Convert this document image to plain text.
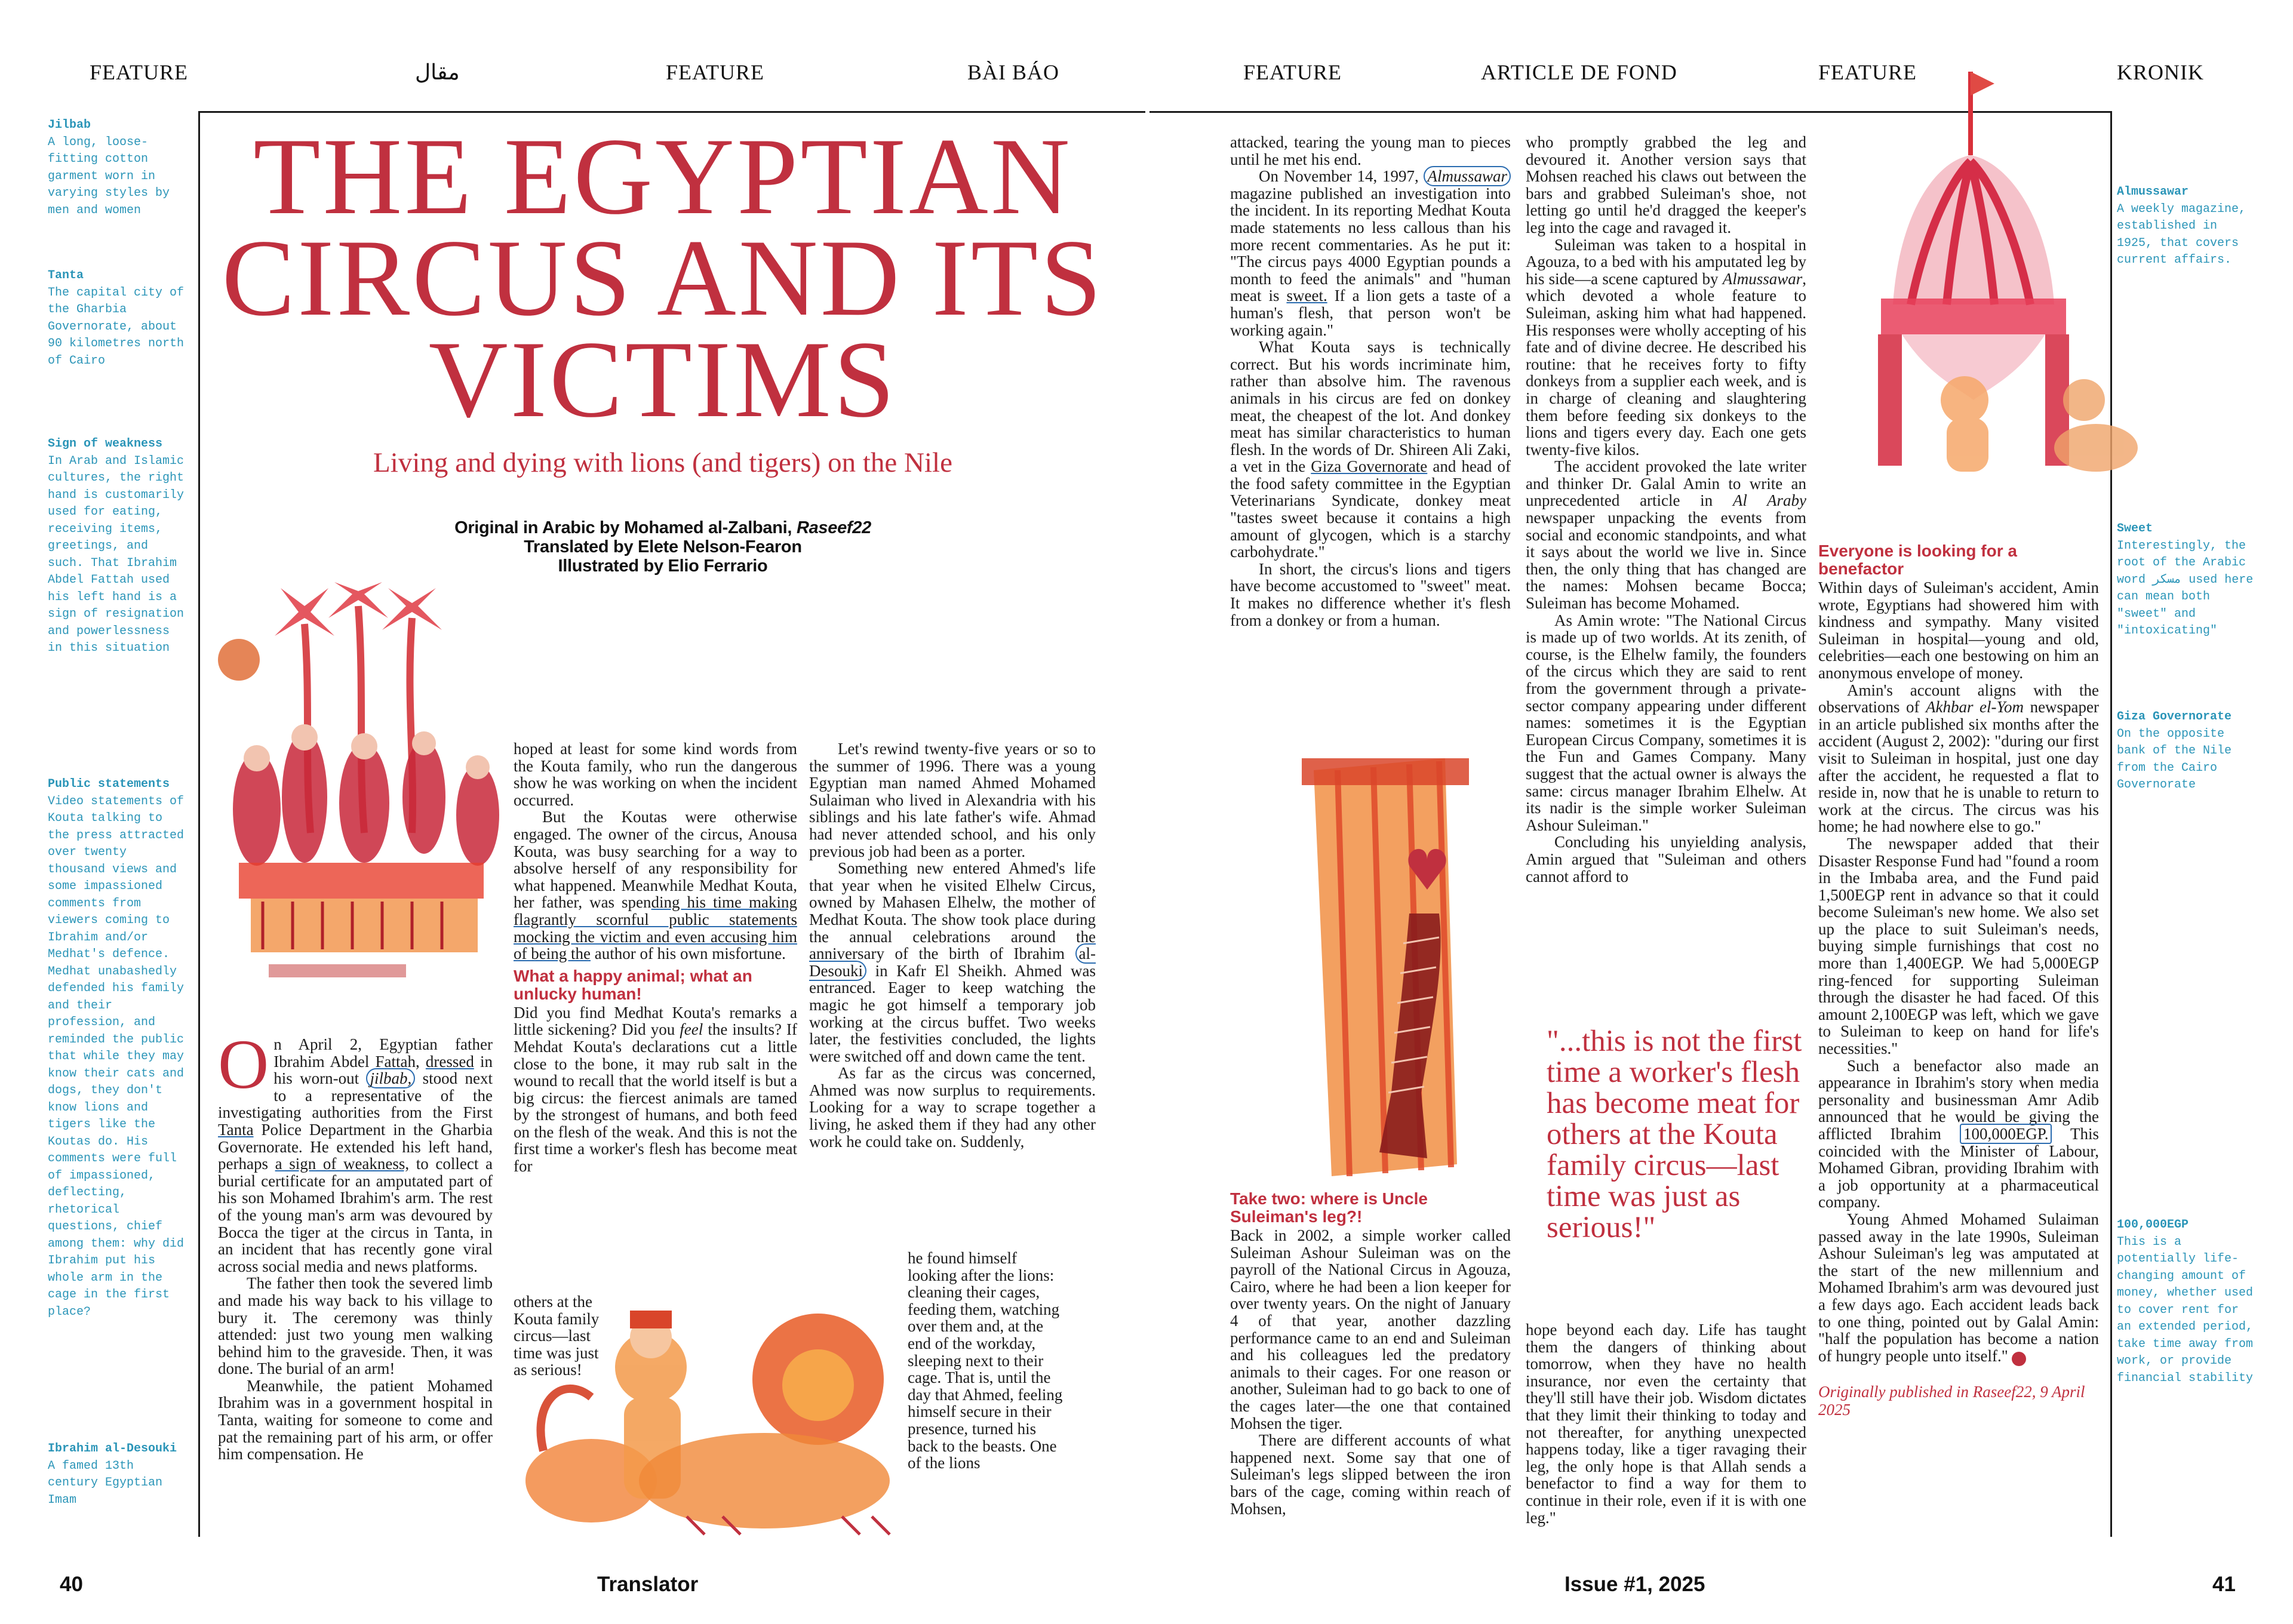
FEATURE	مقال	FEATURE	BÀI BÁO	FEATURE	ARTICLE DE FOND	FEATURE	KRONIK
Jilbab
A long, loose-fitting cotton garment worn in varying styles by men and women
Tanta
The capital city of the Gharbia Governorate, about 90 kilometres north of Cairo
Sign of weakness
In Arab and Islamic cultures, the right hand is customarily used for eating, receiving items, greetings, and such. That Ibrahim Abdel Fattah used his left hand is a sign of resignation and powerlessness in this situation
Public statements
Video statements of Kouta talking to the press attracted over twenty thousand views and some impassioned comments from viewers coming to Ibrahim and/or Medhat's defence. Medhat unabashedly defended his family and their profession, and reminded the public that while they may know their cats and dogs, they don't know lions and tigers like the Koutas do. His comments were full of impassioned, deflecting, rhetorical questions, chief among them: why did Ibrahim put his whole arm in the cage in the first place?
Ibrahim al-Desouki
A famed 13th century Egyptian Imam
Almussawar
A weekly magazine, established in 1925, that covers current affairs.
Sweet
Interestingly, the root of the Arabic word مسكر used here can mean both "sweet" and "intoxicating"
Giza Governorate
On the opposite bank of the Nile from the Cairo Governorate
100,000EGP
This is a potentially life-changing amount of money, whether used to cover rent for an extended period, take time away from work, or provide financial stability
THE EGYPTIAN CIRCUS AND ITS VICTIMS
Living and dying with lions (and tigers) on the Nile
Original in Arabic by Mohamed al-Zalbani, Raseef22
Translated by Elete Nelson-Fearon
Illustrated by Elio Ferrario

On April 2, Egyptian father Ibrahim Abdel Fattah, dressed in his worn-out jilbab, stood next to a representative of the investigating authorities from the First Tanta Police Department in the Gharbia Governorate. He extended his left hand, perhaps a sign of weakness, to collect a burial certificate for an amputated part of his son Mohamed Ibrahim's arm. The rest of the young man's arm was devoured by Bocca the tiger at the circus in Tanta, in an incident that has recently gone viral across social media and news platforms.

The father then took the severed limb and made his way back to his village to bury it. The ceremony was thinly attended: just two young men walking behind him to the graveside. Then, it was done. The burial of an arm!

Meanwhile, the patient Mohamed Ibrahim was in a government hospital in Tanta, waiting for someone to come and pat the remaining part of his arm, or offer him compensation. He

hoped at least for some kind words from the Kouta family, who run the dangerous show he was working on when the incident occurred.

But the Koutas were otherwise engaged. The owner of the circus, Anousa Kouta, was busy searching for a way to absolve herself of any responsibility for what happened. Meanwhile Medhat Kouta, her father, was spending his time making flagrantly scornful public statements mocking the victim and even accusing him of being the author of his own misfortune.

What a happy animal; what an unlucky human!

Did you find Medhat Kouta's remarks a little sickening? Did you feel the insults? If Mehdat Kouta's declarations cut a little close to the bone, it may rub salt in the wound to recall that the world itself is but a big circus: the fiercest animals are tamed by the strongest of humans, and both feed on the flesh of the weak. And this is not the first time a worker's flesh has become meat for

others at the Kouta family circus—last time was just as serious!

Let's rewind twenty-five years or so to the summer of 1996. There was a young Egyptian man named Ahmed Mohamed Sulaiman who lived in Alexandria with his siblings and his late father's wife. Ahmad had never attended school, and his only previous job had been as a porter.

Something new entered Ahmed's life that year when he visited Elhelw Circus, owned by Mahasen Elhelw, the mother of Medhat Kouta. The show took place during the annual celebrations around the anniversary of the birth of Ibrahim al-Desouki in Kafr El Sheikh. Ahmed was entranced. Eager to keep watching the magic he got himself a temporary job working at the circus buffet. Two weeks later, the festivities concluded, the lights were switched off and down came the tent.

As far as the circus was concerned, Ahmed was now surplus to requirements. Looking for a way to scrape together a living, he asked them if they had any other work he could take on. Suddenly,

he found himself looking after the lions: cleaning their cages, feeding them, watching over them and, at the end of the workday, sleeping next to their cage. That is, until the day that Ahmed, feeling himself secure in their presence, turned his back to the beasts. One of the lions

attacked, tearing the young man to pieces until he met his end.

On November 14, 1997, Almussawar magazine published an investigation into the incident. In its reporting Medhat Kouta made statements no less callous than his more recent commentaries. As he put it: "The circus pays 4000 Egyptian pounds a month to feed the animals" and "human meat is sweet. If a lion gets a taste of a human's flesh, that person won't be working again."

What Kouta says is technically correct. But his words incriminate him, rather than absolve him. The ravenous animals in his circus are fed on donkey meat, the cheapest of the lot. And donkey meat has similar characteristics to human flesh. In the words of Dr. Shireen Ali Zaki, a vet in the Giza Governorate and head of the food safety committee in the Egyptian Veterinarians Syndicate, donkey meat "tastes sweet because it contains a high amount of glycogen, which is a starchy carbohydrate."

In short, the circus's lions and tigers have become accustomed to "sweet" meat. It makes no difference whether it's flesh from a donkey or from a human.

Take two: where is Uncle Suleiman's leg?!

Back in 2002, a simple worker called Suleiman Ashour Suleiman was on the payroll of the National Circus in Agouza, Cairo, where he had been a lion keeper for over twenty years. On the night of January 4 of that year, another dazzling performance came to an end and Suleiman and his colleagues led the predatory animals to their cages. For one reason or another, Suleiman had to go back to one of the cages later—the one that contained Mohsen the tiger.

There are different accounts of what happened next. Some say that one of Suleiman's legs slipped between the iron bars of the cage, coming within reach of Mohsen,

who promptly grabbed the leg and devoured it. Another version says that Mohsen reached his claws out between the bars and grabbed Suleiman's shoe, not letting go until he'd dragged the keeper's leg into the cage and ravaged it.

Suleiman was taken to a hospital in Agouza, to a bed with his amputated leg by his side—a scene captured by Almussawar, which devoted a whole feature to Suleiman, asking him what had happened. His responses were wholly accepting of his fate and of divine decree. He described his routine: that he receives forty to fifty donkeys from a supplier each week, and is in charge of cleaning and slaughtering them before feeding six donkeys to the lions and tigers every day. Each one gets twenty-five kilos.

The accident provoked the late writer and thinker Dr. Galal Amin to write an unprecedented article in Al Araby newspaper unpacking the events from social and economic standpoints, and what it says about the world we live in. Since then, the only thing that has changed are the names: Mohsen became Bocca; Suleiman has become Mohamed.

As Amin wrote: "The National Circus is made up of two worlds. At its zenith, of course, is the Elhelw family, the founders of the circus which they are said to rent from the government through a private-sector company appearing under different names: sometimes it is the Egyptian European Circus Company, sometimes it is the Fun and Games Company. Many suggest that the actual owner is always the same: circus manager Ibrahim Elhelw. At its nadir is the simple worker Suleiman Ashour Suleiman."

Concluding his unyielding analysis, Amin argued that "Suleiman and others cannot afford to

"...this is not the first time a worker's flesh has become meat for others at the Kouta family circus—last time was just as serious!"

hope beyond each day. Life has taught them the dangers of thinking about tomorrow, when they have no health insurance, nor even the certainty that they'll still have their job. Wisdom dictates that they limit their thinking to today and not thereafter, for anything unexpected happens today, like a tiger ravaging their leg, the only hope is that Allah sends a benefactor to find a way for them to continue in their role, even if it is with one leg."

Everyone is looking for a benefactor

Within days of Suleiman's accident, Amin wrote, Egyptians had showered him with kindness and sympathy. Many visited Suleiman in hospital—young and old, celebrities—each one bestowing on him an anonymous envelope of money.

Amin's account aligns with the observations of Akhbar el-Yom newspaper in an article published six months after the accident (August 2, 2002): "during our first visit to Suleiman in hospital, just one day after the accident, he requested a flat to reside in, now that he is unable to return to work at the circus. The circus was his home; he had nowhere else to go."

The newspaper added that their Disaster Response Fund had "found a room in the Imbaba area, and the Fund paid 1,500EGP rent in advance so that it could become Suleiman's new home. We also set up the place to suit Suleiman's needs, buying simple furnishings that cost no more than 1,400EGP. We had 5,000EGP ring-fenced for supporting Suleiman through the disaster he had faced. Of this amount 2,100EGP was left, which we gave to Suleiman to keep on hand for life's necessities."

Such a benefactor also made an appearance in Ibrahim's story when media personality and businessman Amr Adib announced that he would be giving the afflicted Ibrahim 100,000EGP. This coincided with the Minister of Labour, Mohamed Gibran, providing Ibrahim with a job opportunity at a pharmaceutical company.

Young Ahmed Mohamed Sulaiman passed away in the late 1990s, Suleiman Ashour Suleiman's leg was amputated at the start of the new millennium and Mohamed Ibrahim's arm was devoured just a few days ago. Each accident leads back to one thing, pointed out by Galal Amin: "half the population has become a nation of hungry people unto itself."	T

Originally published in Raseef22, 9 April 2025
40	Translator	Issue #1, 2025	41
